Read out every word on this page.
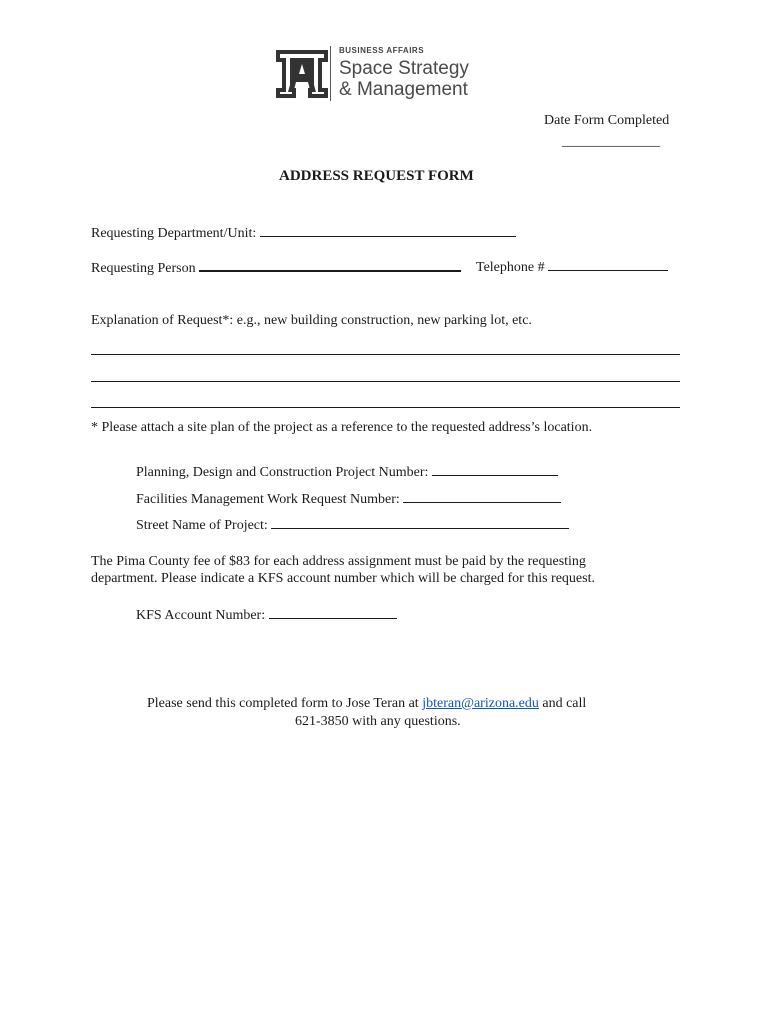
BUSINESS AFFAIRS
Space Strategy
& Management
Date Form Completed
______________
ADDRESS REQUEST FORM
Requesting Department/Unit:
Requesting Person	Telephone #
Explanation of Request*: e.g., new building construction, new parking lot, etc.
* Please attach a site plan of the project as a reference to the requested address’s location.
Planning, Design and Construction Project Number:
Facilities Management Work Request Number:
Street Name of Project:
The Pima County fee of $83 for each address assignment must be paid by the requesting
department. Please indicate a KFS account number which will be charged for this request.
KFS Account Number:
Please send this completed form to Jose Teran at jbteran@arizona.edu and call
621-3850 with any questions.
